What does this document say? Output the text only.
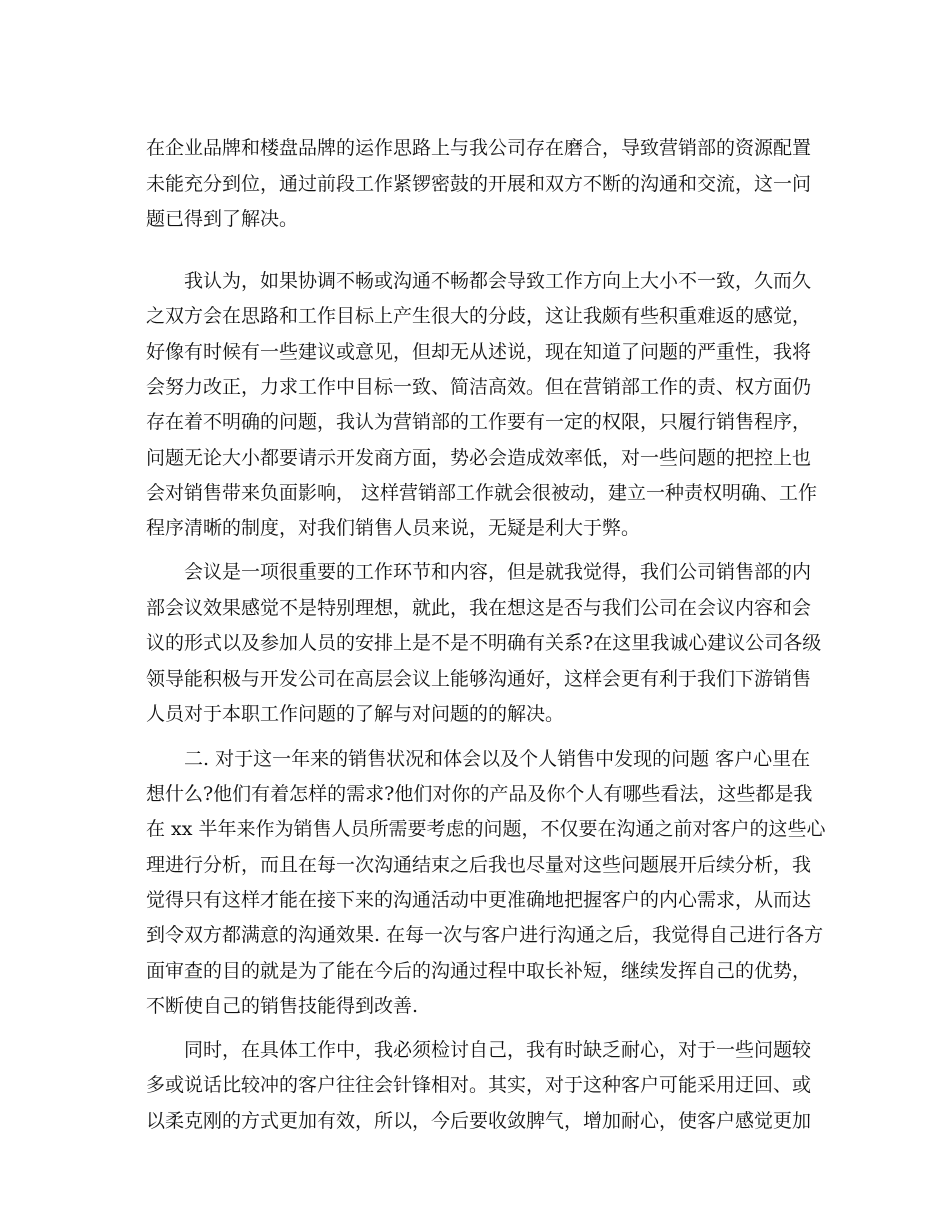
在企业品牌和楼盘品牌的运作思路上与我公司存在磨合，导致营销部的资源配置
未能充分到位，通过前段工作紧锣密鼓的开展和双方不断的沟通和交流，这一问
题已得到了解决。
我认为，如果协调不畅或沟通不畅都会导致工作方向上大小不一致，久而久
之双方会在思路和工作目标上产生很大的分歧，这让我颇有些积重难返的感觉，
好像有时候有一些建议或意见，但却无从述说，现在知道了问题的严重性，我将
会努力改正，力求工作中目标一致、简洁高效。但在营销部工作的责、权方面仍
存在着不明确的问题，我认为营销部的工作要有一定的权限，只履行销售程序，
问题无论大小都要请示开发商方面，势必会造成效率低，对一些问题的把控上也
会对销售带来负面影响， 这样营销部工作就会很被动，建立一种责权明确、工作
程序清晰的制度，对我们销售人员来说，无疑是利大于弊。
会议是一项很重要的工作环节和内容，但是就我觉得，我们公司销售部的内
部会议效果感觉不是特别理想，就此，我在想这是否与我们公司在会议内容和会
议的形式以及参加人员的安排上是不是不明确有关系?在这里我诚心建议公司各级
领导能积极与开发公司在高层会议上能够沟通好，这样会更有利于我们下游销售
人员对于本职工作问题的了解与对问题的的解决。
二. 对于这一年来的销售状况和体会以及个人销售中发现的问题 客户心里在
想什么?他们有着怎样的需求?他们对你的产品及你个人有哪些看法，这些都是我
在 xx 半年来作为销售人员所需要考虑的问题，不仅要在沟通之前对客户的这些心
理进行分析，而且在每一次沟通结束之后我也尽量对这些问题展开后续分析，我
觉得只有这样才能在接下来的沟通活动中更准确地把握客户的内心需求，从而达
到令双方都满意的沟通效果. 在每一次与客户进行沟通之后，我觉得自己进行各方
面审查的目的就是为了能在今后的沟通过程中取长补短，继续发挥自己的优势，
不断使自己的销售技能得到改善.
同时，在具体工作中，我必须检讨自己，我有时缺乏耐心，对于一些问题较
多或说话比较冲的客户往往会针锋相对。其实，对于这种客户可能采用迂回、或
以柔克刚的方式更加有效，所以，今后要收敛脾气，增加耐心，使客户感觉更加
